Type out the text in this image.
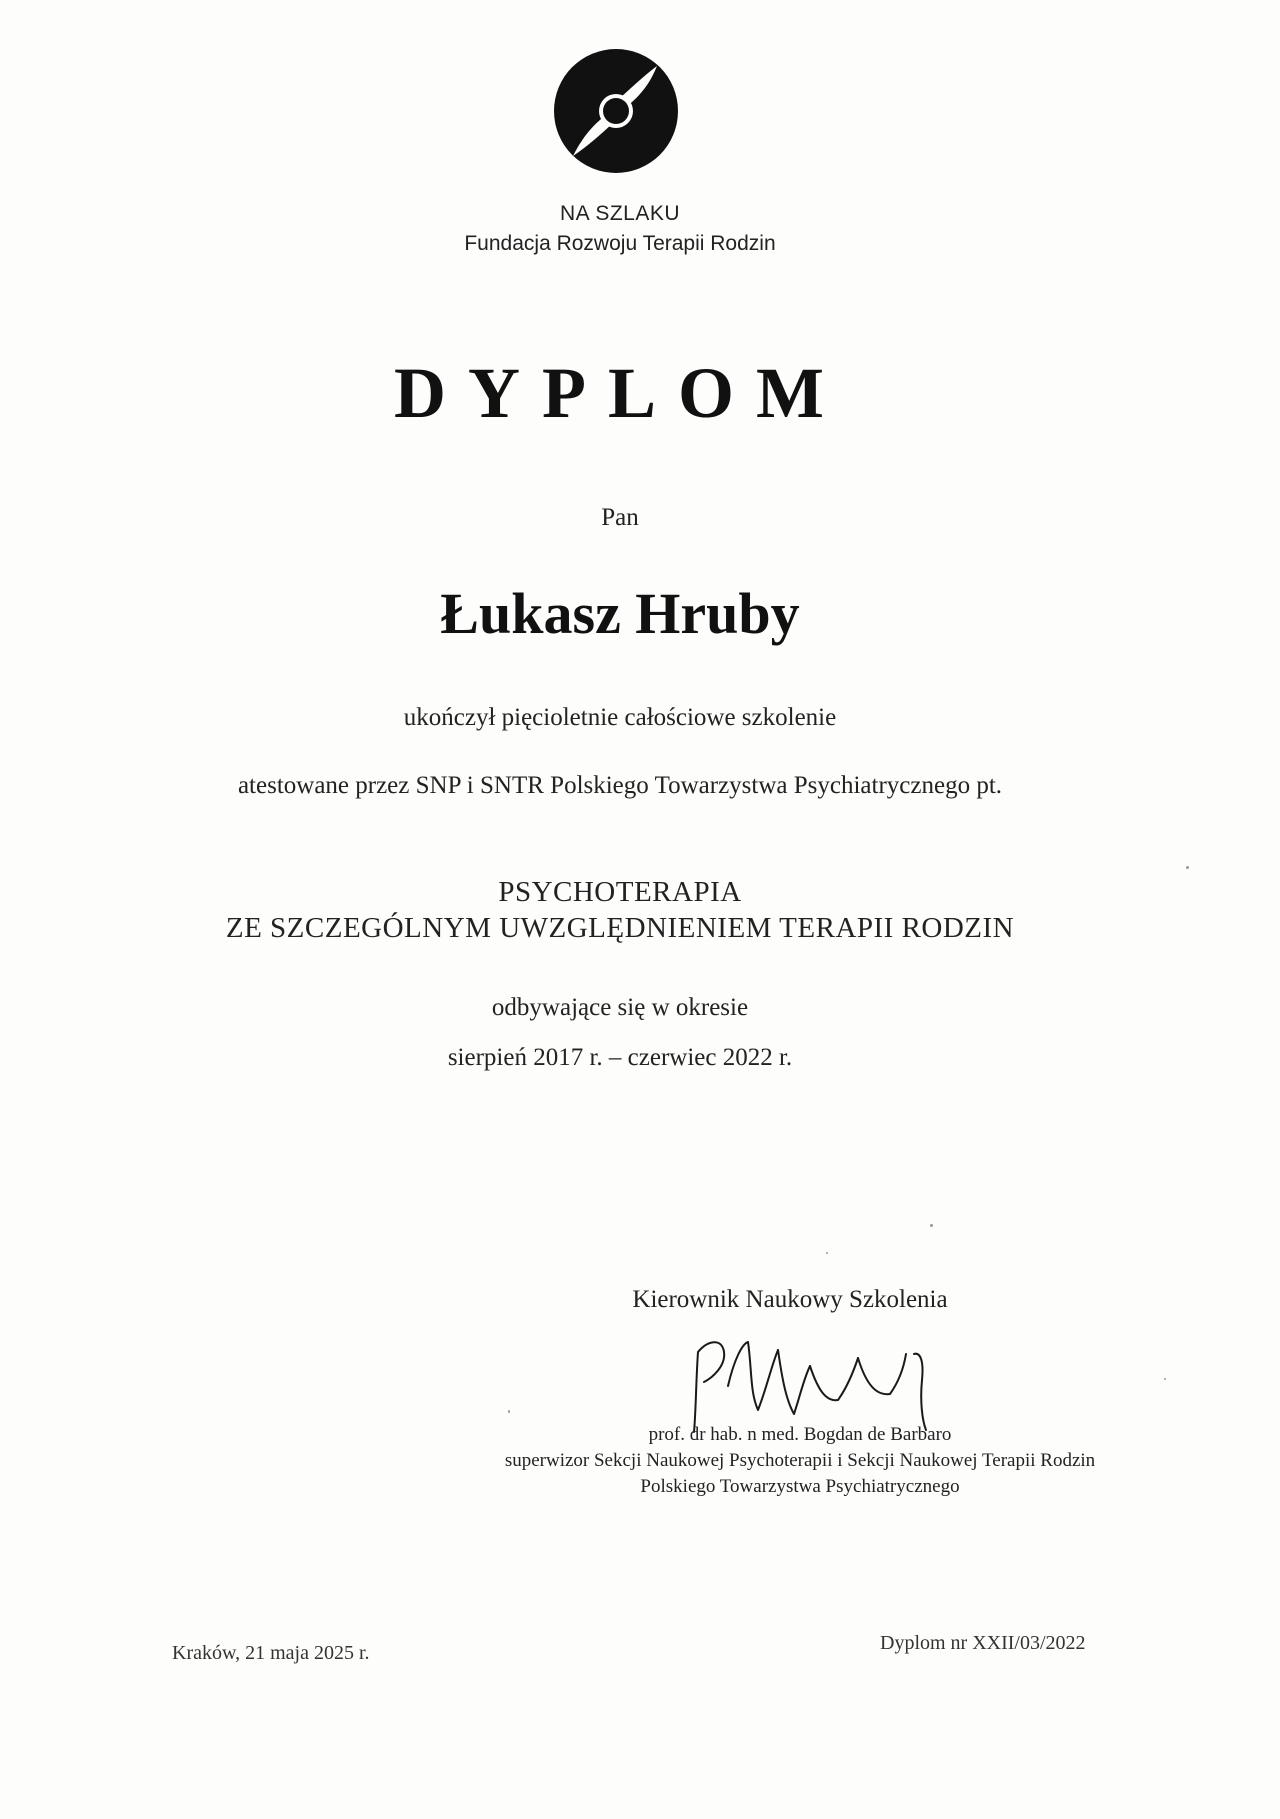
NA SZLAKU
Fundacja Rozwoju Terapii Rodzin
DYPLOM
Pan
Łukasz Hruby
ukończył pięcioletnie całościowe szkolenie
atestowane przez SNP i SNTR Polskiego Towarzystwa Psychiatrycznego pt.
PSYCHOTERAPIA
ZE SZCZEGÓLNYM UWZGLĘDNIENIEM TERAPII RODZIN
odbywające się w okresie
sierpień 2017 r. – czerwiec 2022 r.
Kierownik Naukowy Szkolenia
prof. dr hab. n med. Bogdan de Barbaro
superwizor Sekcji Naukowej Psychoterapii i Sekcji Naukowej Terapii Rodzin
Polskiego Towarzystwa Psychiatrycznego
Kraków, 21 maja 2025 r.	Dyplom nr XXII/03/2022
